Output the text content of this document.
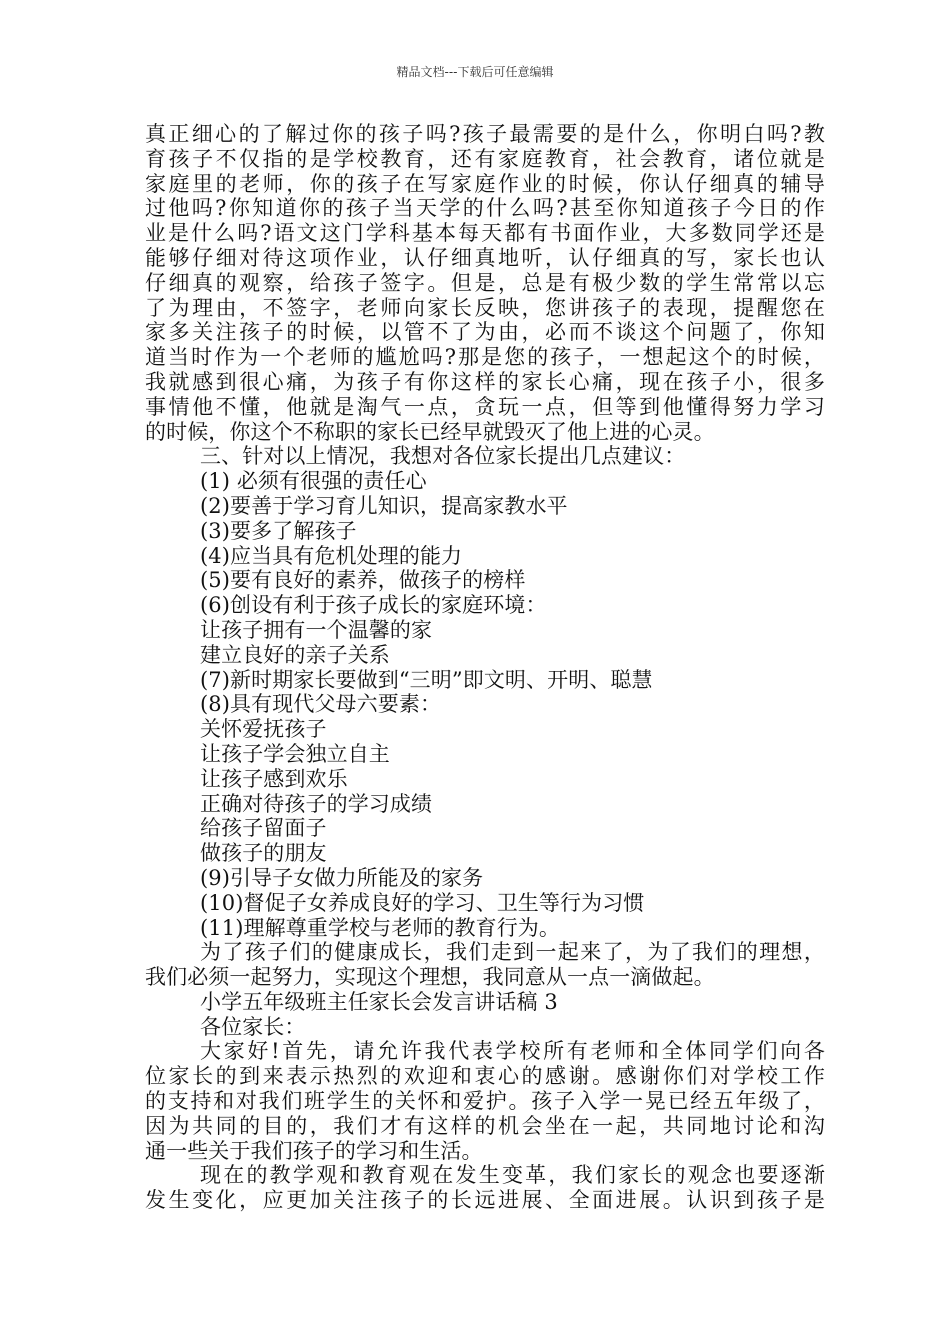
精品文档---下载后可任意编辑
真正细心的了解过你的孩子吗?孩子最需要的是什么，你明白吗?教
育孩子不仅指的是学校教育，还有家庭教育，社会教育，诸位就是
家庭里的老师，你的孩子在写家庭作业的时候，你认仔细真的辅导
过他吗?你知道你的孩子当天学的什么吗?甚至你知道孩子今日的作
业是什么吗?语文这门学科基本每天都有书面作业，大多数同学还是
能够仔细对待这项作业，认仔细真地听，认仔细真的写，家长也认
仔细真的观察，给孩子签字。但是，总是有极少数的学生常常以忘
了为理由，不签字，老师向家长反映，您讲孩子的表现，提醒您在
家多关注孩子的时候，以管不了为由，必而不谈这个问题了，你知
道当时作为一个老师的尴尬吗?那是您的孩子，一想起这个的时候，
我就感到很心痛，为孩子有你这样的家长心痛，现在孩子小，很多
事情他不懂，他就是淘气一点，贪玩一点，但等到他懂得努力学习
的时候，你这个不称职的家长已经早就毁灭了他上进的心灵。
三、针对以上情况，我想对各位家长提出几点建议：
(1) 必须有很强的责任心
(2)要善于学习育儿知识，提高家教水平
(3)要多了解孩子
(4)应当具有危机处理的能力
(5)要有良好的素养，做孩子的榜样
(6)创设有利于孩子成长的家庭环境：
让孩子拥有一个温馨的家
建立良好的亲子关系
(7)新时期家长要做到“三明”即文明、开明、聪慧
(8)具有现代父母六要素：
关怀爱抚孩子
让孩子学会独立自主
让孩子感到欢乐
正确对待孩子的学习成绩
给孩子留面子
做孩子的朋友
(9)引导子女做力所能及的家务
(10)督促子女养成良好的学习、卫生等行为习惯
(11)理解尊重学校与老师的教育行为。
为了孩子们的健康成长，我们走到一起来了，为了我们的理想，
我们必须一起努力，实现这个理想，我同意从一点一滴做起。
小学五年级班主任家长会发言讲话稿 3
各位家长：
大家好!首先，请允许我代表学校所有老师和全体同学们向各
位家长的到来表示热烈的欢迎和衷心的感谢。感谢你们对学校工作
的支持和对我们班学生的关怀和爱护。孩子入学一晃已经五年级了，
因为共同的目的，我们才有这样的机会坐在一起，共同地讨论和沟
通一些关于我们孩子的学习和生活。
现在的教学观和教育观在发生变革，我们家长的观念也要逐渐
发生变化，应更加关注孩子的长远进展、全面进展。认识到孩子是
